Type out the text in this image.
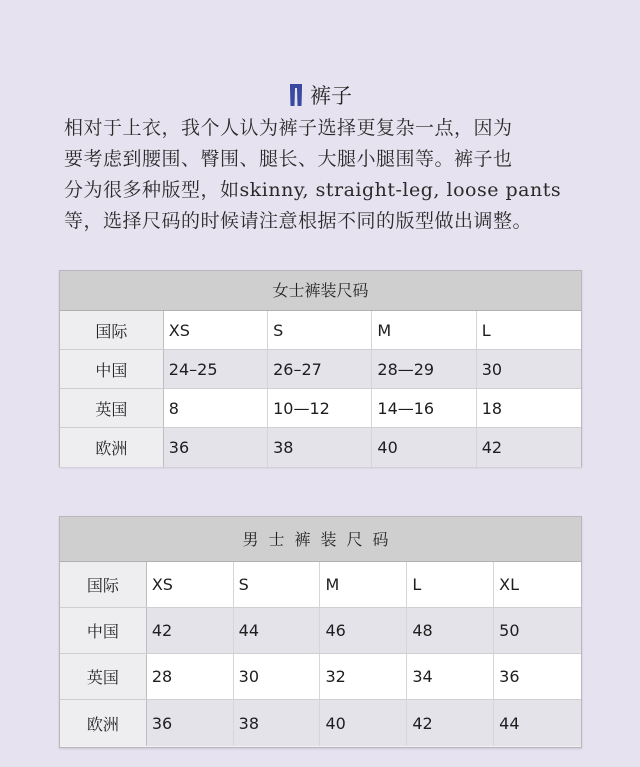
裤子
相对于上衣，我个人认为裤子选择更复杂一点，因为
要考虑到腰围、臀围、腿长、大腿小腿围等。裤子也
分为很多种版型，如skinny, straight-leg, loose pants
等，选择尺码的时候请注意根据不同的版型做出调整。
女士裤装尺码
国际	XS	S	M	L
中国	24–25	26–27	28—29	30
英国	8	10—12	14—16	18
欧洲	36	38	40	42
男士裤装尺码
国际	XS	S	M	L	XL
中国	42	44	46	48	50
英国	28	30	32	34	36
欧洲	36	38	40	42	44
